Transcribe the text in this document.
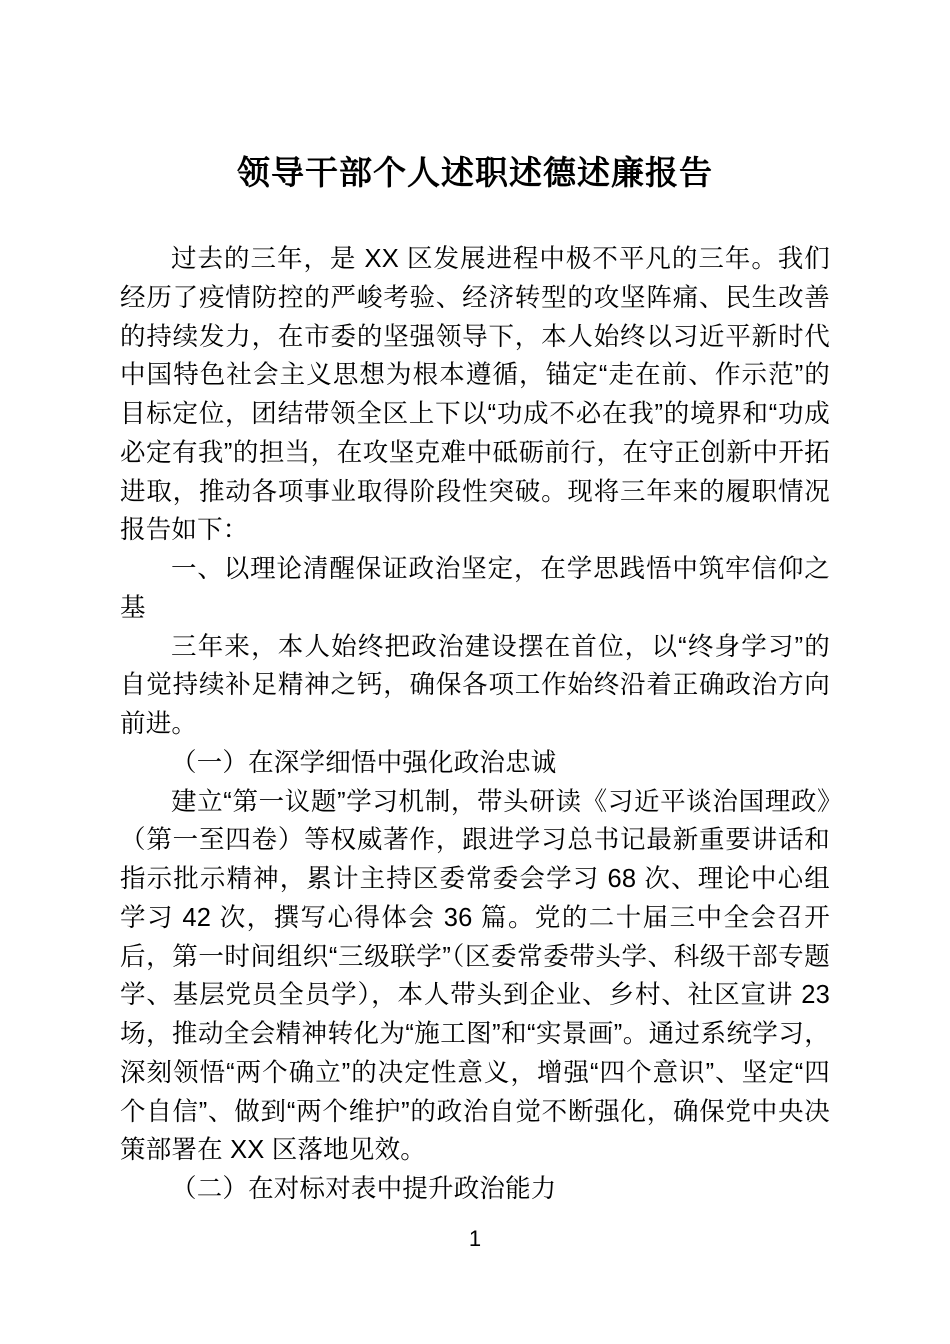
领导干部个人述职述德述廉报告

过去的三年，是 XX 区发展进程中极不平凡的三年。我们经历了疫情防控的严峻考验、经济转型的攻坚阵痛、民生改善的持续发力，在市委的坚强领导下，本人始终以习近平新时代中国特色社会主义思想为根本遵循，锚定“走在前、作示范”的目标定位，团结带领全区上下以“功成不必在我”的境界和“功成必定有我”的担当，在攻坚克难中砥砺前行，在守正创新中开拓进取，推动各项事业取得阶段性突破。现将三年来的履职情况报告如下：

一、以理论清醒保证政治坚定，在学思践悟中筑牢信仰之基

三年来，本人始终把政治建设摆在首位，以“终身学习”的自觉持续补足精神之钙，确保各项工作始终沿着正确政治方向前进。

（一）在深学细悟中强化政治忠诚

建立“第一议题”学习机制，带头研读《习近平谈治国理政》（第一至四卷）等权威著作，跟进学习总书记最新重要讲话和指示批示精神，累计主持区委常委会学习 68 次、理论中心组学习 42 次，撰写心得体会 36 篇。党的二十届三中全会召开后，第一时间组织“三级联学”（区委常委带头学、科级干部专题学、基层党员全员学），本人带头到企业、乡村、社区宣讲 23 场，推动全会精神转化为“施工图”和“实景画”。通过系统学习，深刻领悟“两个确立”的决定性意义，增强“四个意识”、坚定“四个自信”、做到“两个维护”的政治自觉不断强化，确保党中央决策部署在 XX 区落地见效。

（二）在对标对表中提升政治能力

1
